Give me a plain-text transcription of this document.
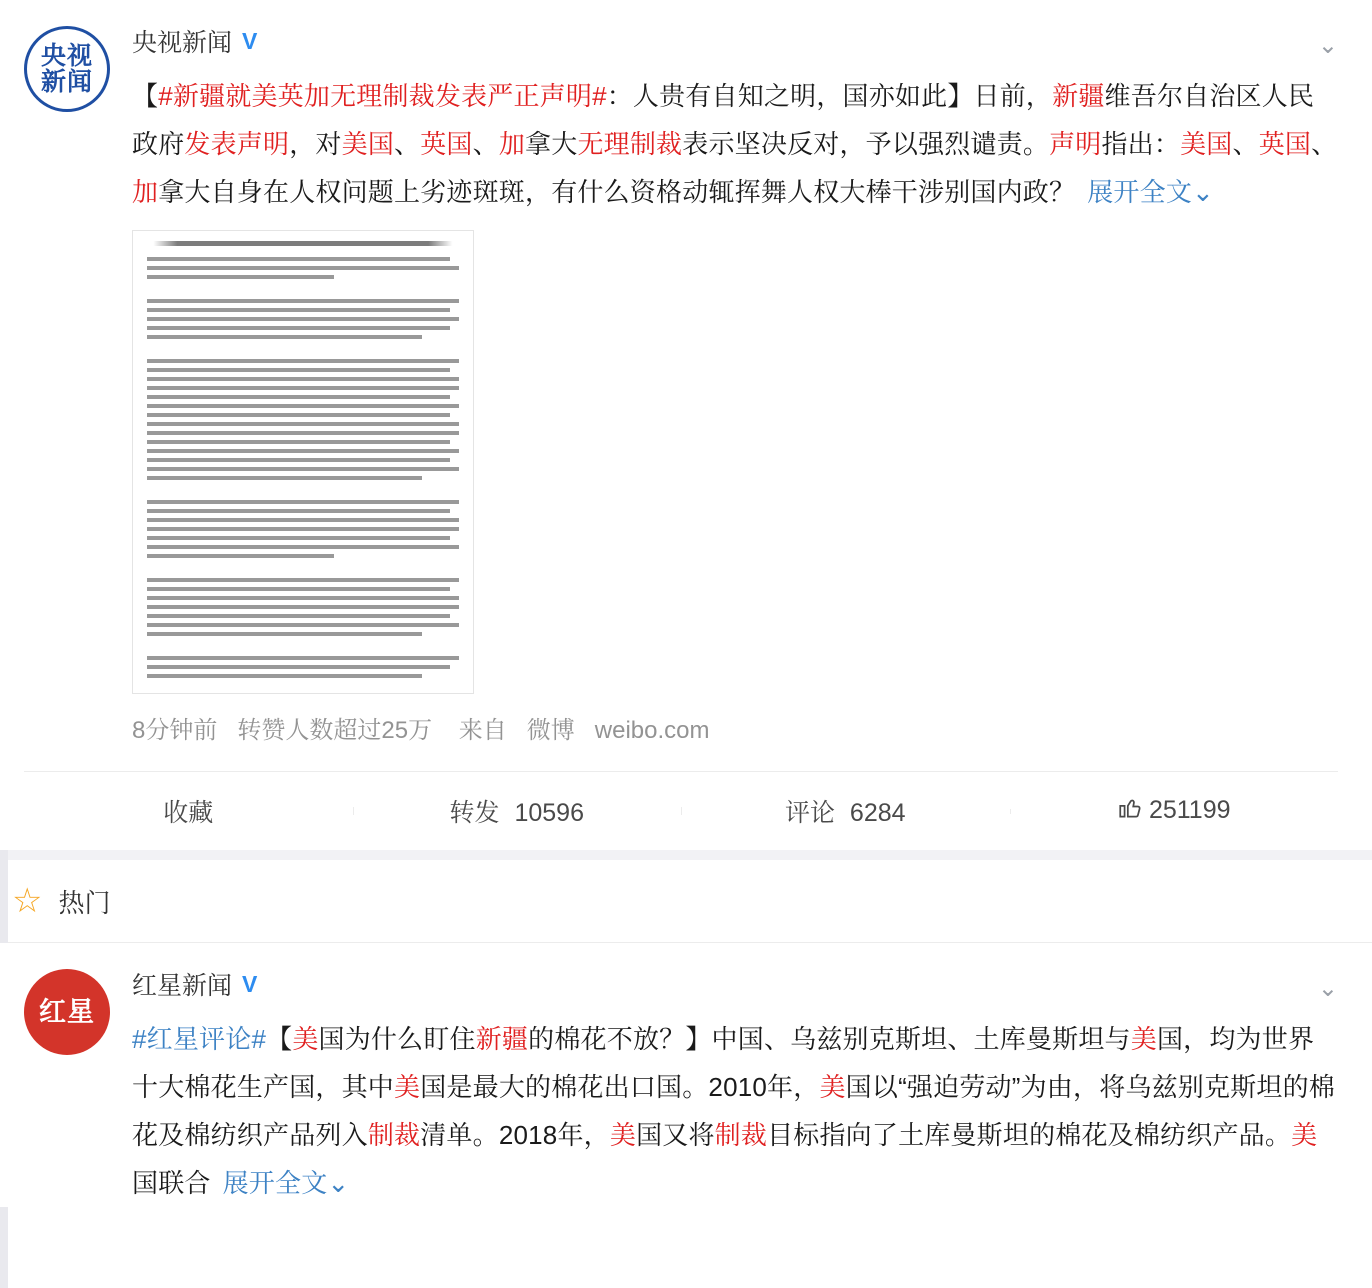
央视
新闻
央视新闻 V	⌄
【#新疆就美英加无理制裁发表严正声明#：人贵有自知之明，国亦如此】日前，新疆维吾尔自治区人民政府发表声明，对美国、英国、加拿大无理制裁表示坚决反对，予以强烈谴责。声明指出：美国、英国、加拿大自身在人权问题上劣迹斑斑，有什么资格动辄挥舞人权大棒干涉别国内政？ 展开全文⌄
8分钟前 转赞人数超过25万 来自 微博 weibo.com
收藏	转发 10596	评论 6284	251199
☆ 热门
红星
红星新闻 V	⌄
#红星评论#【美国为什么盯住新疆的棉花不放？】中国、乌兹别克斯坦、土库曼斯坦与美国，均为世界十大棉花生产国，其中美国是最大的棉花出口国。2010年，美国以“强迫劳动”为由，将乌兹别克斯坦的棉花及棉纺织产品列入制裁清单。2018年，美国又将制裁目标指向了土库曼斯坦的棉花及棉纺织产品。美国联合 展开全文⌄
